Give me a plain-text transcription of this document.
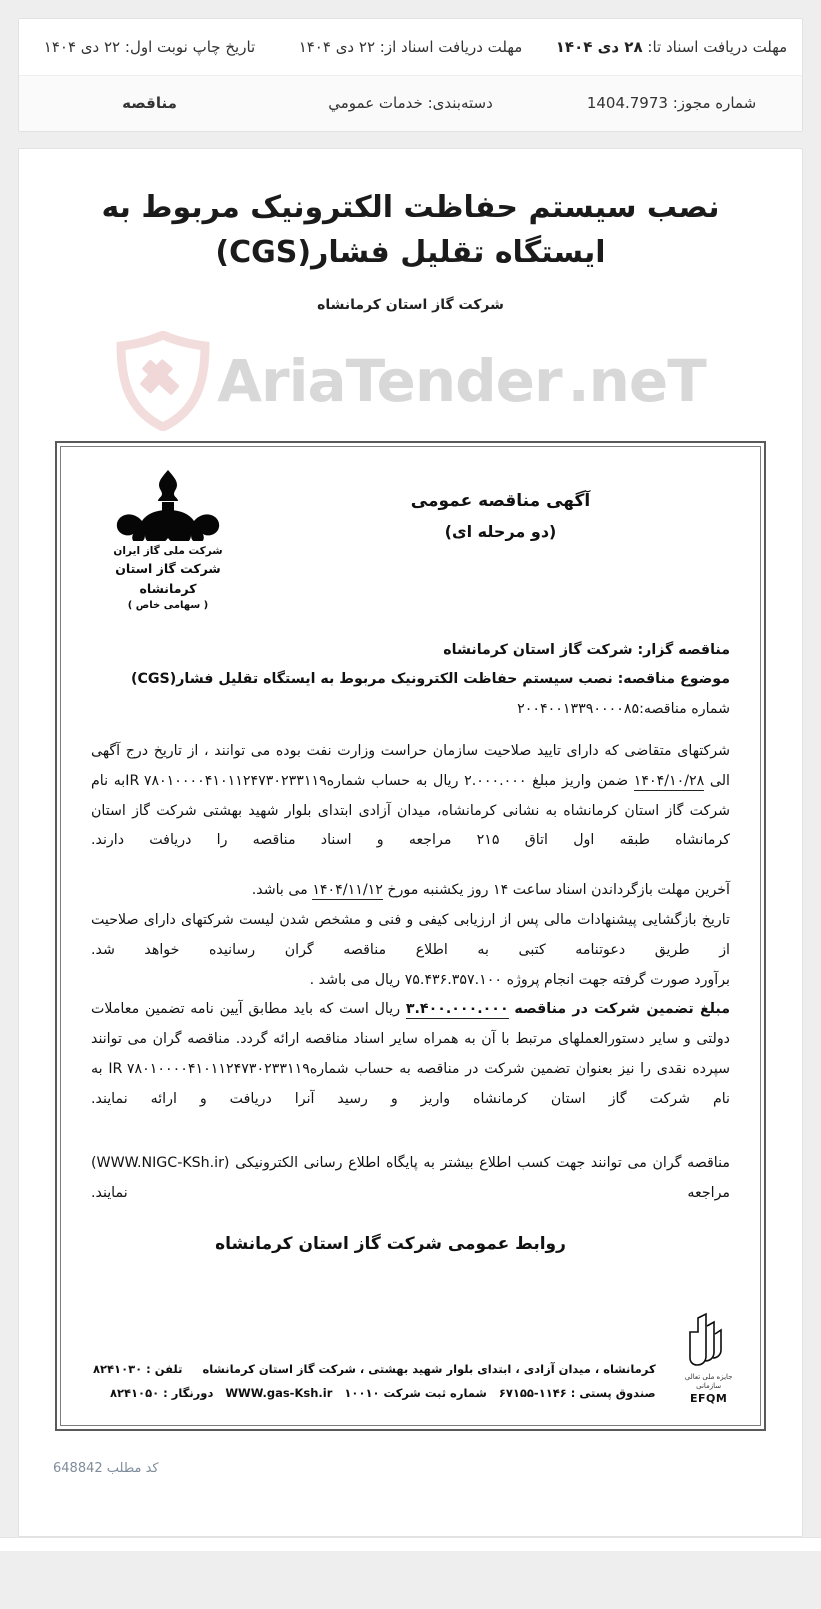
مهلت دریافت اسناد تا: ۲۸ دی ۱۴۰۴
مهلت دریافت اسناد از: ۲۲ دی ۱۴۰۴
تاریخ چاپ نوبت اول: ۲۲ دی ۱۴۰۴
شماره مجوز: 1404.7973
دسته‌بندی: خدمات عمومي
مناقصه
نصب سیستم حفاظت الکترونیک مربوط به ایستگاه تقلیل فشار(CGS)
شرکت گاز استان کرمانشاه
AriaTender .neT
شرکت ملی گاز ایران
شرکت گاز استان کرمانشاه
( سهامی خاص )
آگهی مناقصه عمومی
(دو مرحله ای)
مناقصه گزار: شرکت گاز استان کرمانشاه
موضوع مناقصه: نصب سیستم حفاظت الکترونیک مربوط به ایستگاه تقلیل فشار(CGS)
شماره مناقصه:۲۰۰۴۰۰۱۳۳۹۰۰۰۰۸۵
شرکتهای متقاضی که دارای تایید صلاحیت سازمان حراست وزارت نفت بوده می توانند ، از تاریخ درج آگهی الی ۱۴۰۴/۱۰/۲۸ ضمن واریز مبلغ ۲.۰۰۰.۰۰۰ ریال به حساب شمارهIR ۷۸۰۱۰۰۰۰۴۱۰۱۱۲۴۷۳۰۲۳۳۱۱۹به نام شرکت گاز استان کرمانشاه به نشانی کرمانشاه، میدان آزادی ابتدای بلوار شهید بهشتی شرکت گاز استان کرمانشاه طبقه اول اتاق ۲۱۵ مراجعه و اسناد مناقصه را دریافت دارند.
آخرین مهلت بازگرداندن اسناد ساعت ۱۴ روز یکشنبه مورخ ۱۴۰۴/۱۱/۱۲ می باشد.
تاریخ بازگشایی پیشنهادات مالی پس از ارزیابی کیفی و فنی و مشخص شدن لیست شرکتهای دارای صلاحیت از طریق دعوتنامه کتبی به اطلاع مناقصه گران رسانیده خواهد شد.
برآورد صورت گرفته جهت انجام پروژه ۷۵.۴۳۶.۳۵۷.۱۰۰ ریال می باشد .
مبلغ تضمین شرکت در مناقصه ۳.۴۰۰.۰۰۰.۰۰۰ ریال است که باید مطابق آیین نامه تضمین معاملات دولتی و سایر دستورالعملهای مرتبط با آن به همراه سایر اسناد مناقصه ارائه گردد. مناقصه گران می توانند سپرده نقدی را نیز بعنوان تضمین شرکت در مناقصه به حساب شمارهIR ۷۸۰۱۰۰۰۰۴۱۰۱۱۲۴۷۳۰۲۳۳۱۱۹ به نام شرکت گاز استان کرمانشاه واریز و رسید آنرا دریافت و ارائه نمایند.
مناقصه گران می توانند جهت کسب اطلاع بیشتر به پایگاه اطلاع رسانی الکترونیکی (WWW.NIGC-KSh.ir) مراجعه نمایند.
روابط عمومی شرکت گاز استان کرمانشاه
کرمانشاه ، میدان آزادی ، ابتدای بلوار شهید بهشتی ، شرکت گاز استان کرمانشاه     تلفن : ۸۲۴۱۰۳۰
صندوق پستی : ۱۱۴۶-۶۷۱۵۵   شماره ثبت شرکت ۱۰۰۱۰   WWW.gas-Ksh.ir   دورنگار : ۸۲۴۱۰۵۰
جایزه ملی تعالی سازمانی
EFQM
کد مطلب 648842
